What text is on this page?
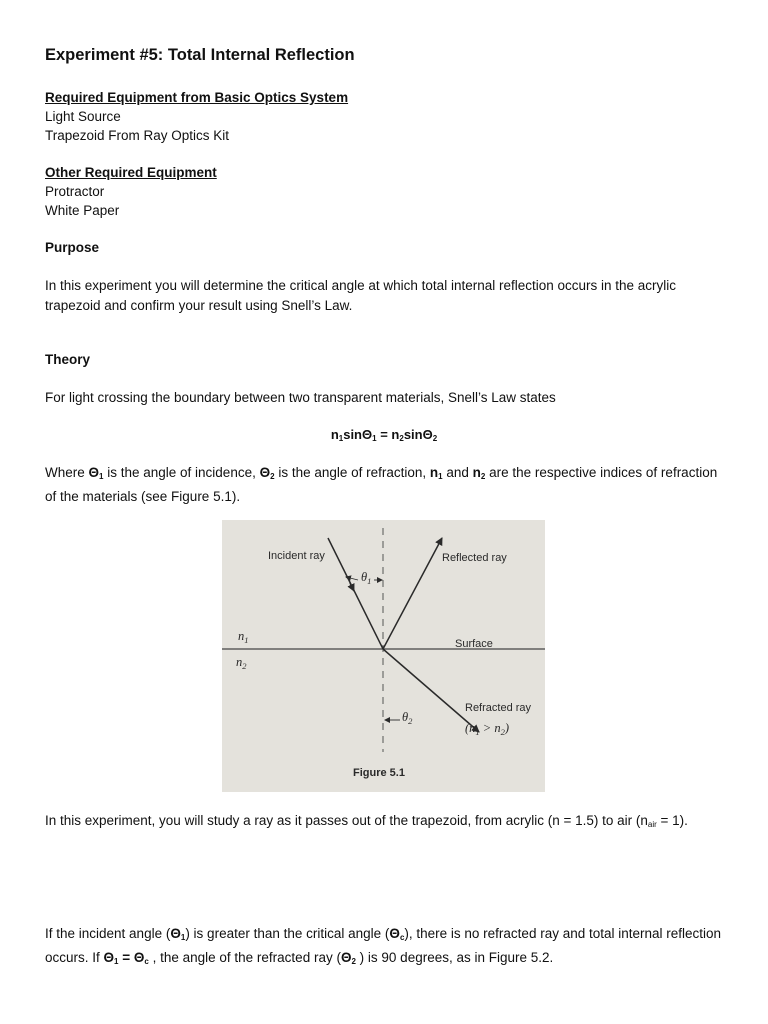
Experiment #5: Total Internal Reflection
Required Equipment from Basic Optics System
Light Source
Trapezoid From Ray Optics Kit
Other Required Equipment
Protractor
White Paper
Purpose
In this experiment you will determine the critical angle at which total internal reflection occurs in the acrylic trapezoid and confirm your result using Snell’s Law.
Theory
For light crossing the boundary between two transparent materials, Snell’s Law states
$n_1\sin\Theta_1 = n_2\sin\Theta_2$
Where $\Theta_1$ is the angle of incidence, $\Theta_2$ is the angle of refraction, $n_1$ and $n_2$ are the respective indices of refraction of the materials (see Figure 5.1).
Incident ray	Reflected ray
Surface
Refracted ray
$\theta_1$
$\theta_2$
$n_1$
$n_2$
$(n_1 > n_2)$
Figure 5.1
In this experiment, you will study a ray as it passes out of the trapezoid, from acrylic (n = 1.5) to air $(n_{air} = 1)$.
If the incident angle $(\Theta_1)$ is greater than the critical angle $(\Theta_c)$, there is no refracted ray and total internal reflection occurs. If $\Theta_1 = \Theta_c$ , the angle of the refracted ray ($\Theta_2$ ) is 90 degrees, as in Figure 5.2.
